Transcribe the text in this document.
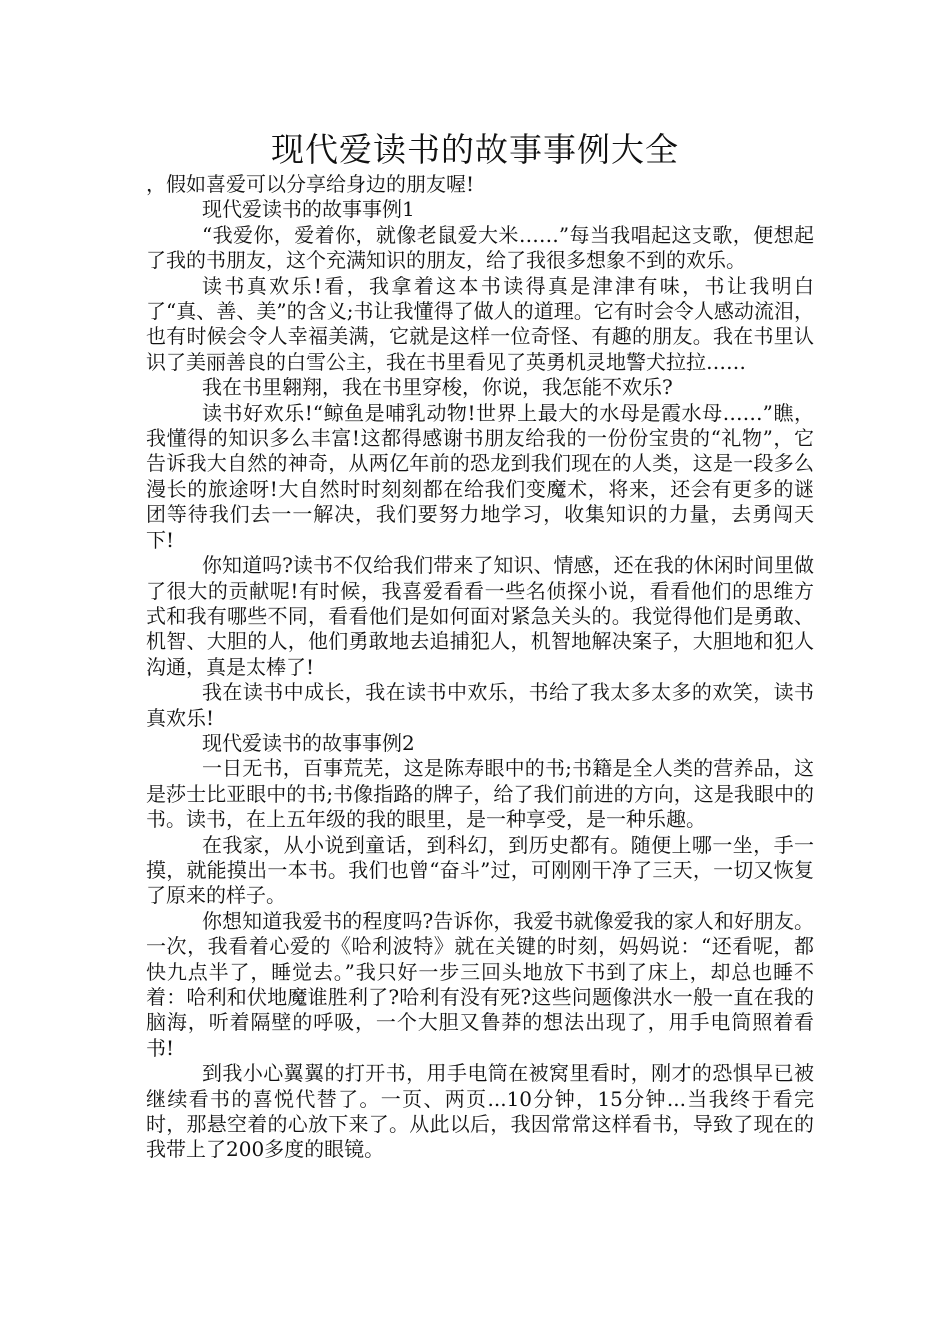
现代爱读书的故事事例大全

，假如喜爱可以分享给身边的朋友喔!

现代爱读书的故事事例1

“我爱你，爱着你，就像老鼠爱大米……”每当我唱起这支歌，便想起了我的书朋友，这个充满知识的朋友，给了我很多想象不到的欢乐。

读书真欢乐!看，我拿着这本书读得真是津津有味，书让我明白了“真、善、美”的含义;书让我懂得了做人的道理。它有时会令人感动流泪，也有时候会令人幸福美满，它就是这样一位奇怪、有趣的朋友。我在书里认识了美丽善良的白雪公主，我在书里看见了英勇机灵地警犬拉拉……

我在书里翱翔，我在书里穿梭，你说，我怎能不欢乐?

读书好欢乐!“鲸鱼是哺乳动物!世界上最大的水母是霞水母……”瞧，我懂得的知识多么丰富!这都得感谢书朋友给我的一份份宝贵的“礼物”，它告诉我大自然的神奇，从两亿年前的恐龙到我们现在的人类，这是一段多么漫长的旅途呀!大自然时时刻刻都在给我们变魔术，将来，还会有更多的谜团等待我们去一一解决，我们要努力地学习，收集知识的力量，去勇闯天下!

你知道吗?读书不仅给我们带来了知识、情感，还在我的休闲时间里做了很大的贡献呢!有时候，我喜爱看看一些名侦探小说，看看他们的思维方式和我有哪些不同，看看他们是如何面对紧急关头的。我觉得他们是勇敢、机智、大胆的人，他们勇敢地去追捕犯人，机智地解决案子，大胆地和犯人沟通，真是太棒了!

我在读书中成长，我在读书中欢乐，书给了我太多太多的欢笑，读书真欢乐!

现代爱读书的故事事例2

一日无书，百事荒芜，这是陈寿眼中的书;书籍是全人类的营养品，这是莎士比亚眼中的书;书像指路的牌子，给了我们前进的方向，这是我眼中的书。读书，在上五年级的我的眼里，是一种享受，是一种乐趣。

在我家，从小说到童话，到科幻，到历史都有。随便上哪一坐，手一摸，就能摸出一本书。我们也曾“奋斗”过，可刚刚干净了三天，一切又恢复了原来的样子。

你想知道我爱书的程度吗?告诉你，我爱书就像爱我的家人和好朋友。一次，我看着心爱的《哈利波特》就在关键的时刻，妈妈说：“还看呢，都快九点半了，睡觉去。”我只好一步三回头地放下书到了床上，却总也睡不着：哈利和伏地魔谁胜利了?哈利有没有死?这些问题像洪水一般一直在我的脑海，听着隔壁的呼吸，一个大胆又鲁莽的想法出现了，用手电筒照着看书!

到我小心翼翼的打开书，用手电筒在被窝里看时，刚才的恐惧早已被继续看书的喜悦代替了。一页、两页...10分钟，15分钟...当我终于看完时，那悬空着的心放下来了。从此以后，我因常常这样看书，导致了现在的我带上了200多度的眼镜。
